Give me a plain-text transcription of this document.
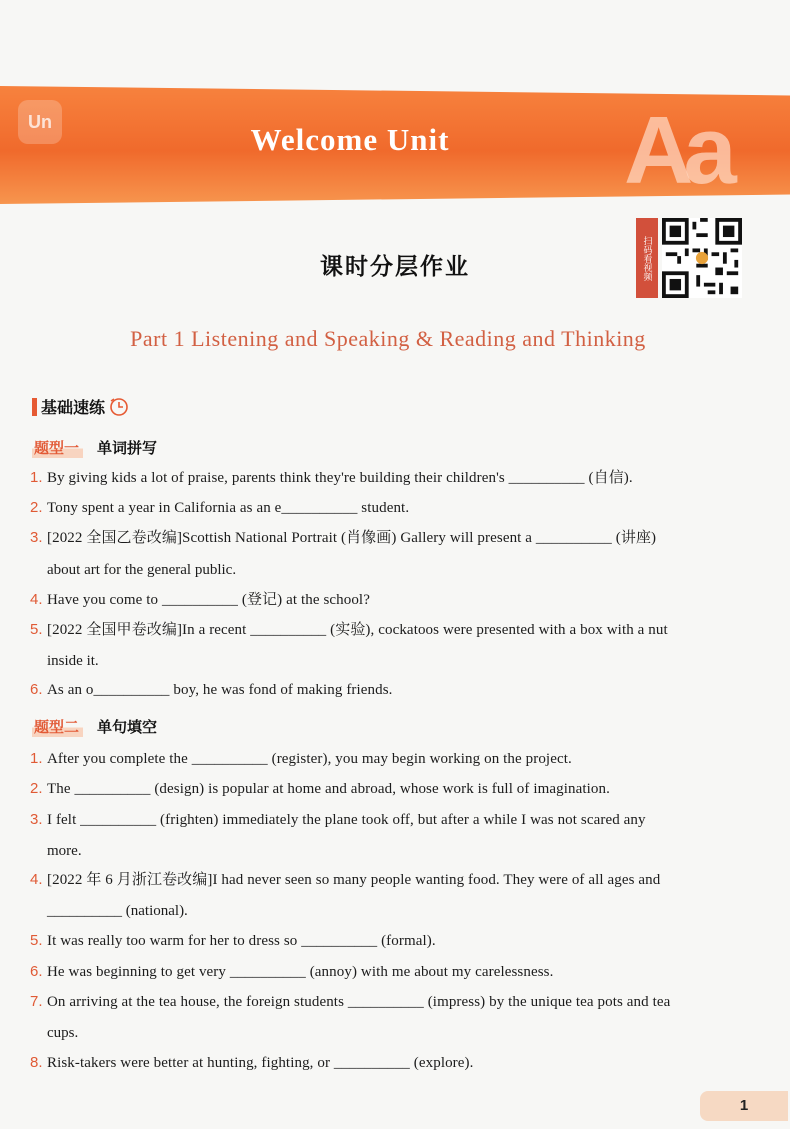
Un	Aa
Welcome Unit
扫码看视频
课时分层作业
Part 1 Listening and Speaking & Reading and Thinking
基础速练
题型一 单词拼写
1. By giving kids a lot of praise, parents think they're building their children's __________ (自信).
2. Tony spent a year in California as an e__________ student.
3. [2022 全国乙卷改编]Scottish National Portrait (肖像画) Gallery will present a __________ (讲座)
about art for the general public.
4. Have you come to __________ (登记) at the school?
5. [2022 全国甲卷改编]In a recent __________ (实验), cockatoos were presented with a box with a nut
inside it.
6. As an o__________ boy, he was fond of making friends.
题型二 单句填空
1. After you complete the __________ (register), you may begin working on the project.
2. The __________ (design) is popular at home and abroad, whose work is full of imagination.
3. I felt __________ (frighten) immediately the plane took off, but after a while I was not scared any
more.
4. [2022 年 6 月浙江卷改编]I had never seen so many people wanting food. They were of all ages and
__________ (national).
5. It was really too warm for her to dress so __________ (formal).
6. He was beginning to get very __________ (annoy) with me about my carelessness.
7. On arriving at the tea house, the foreign students __________ (impress) by the unique tea pots and tea
cups.
8. Risk-takers were better at hunting, fighting, or __________ (explore).
1
